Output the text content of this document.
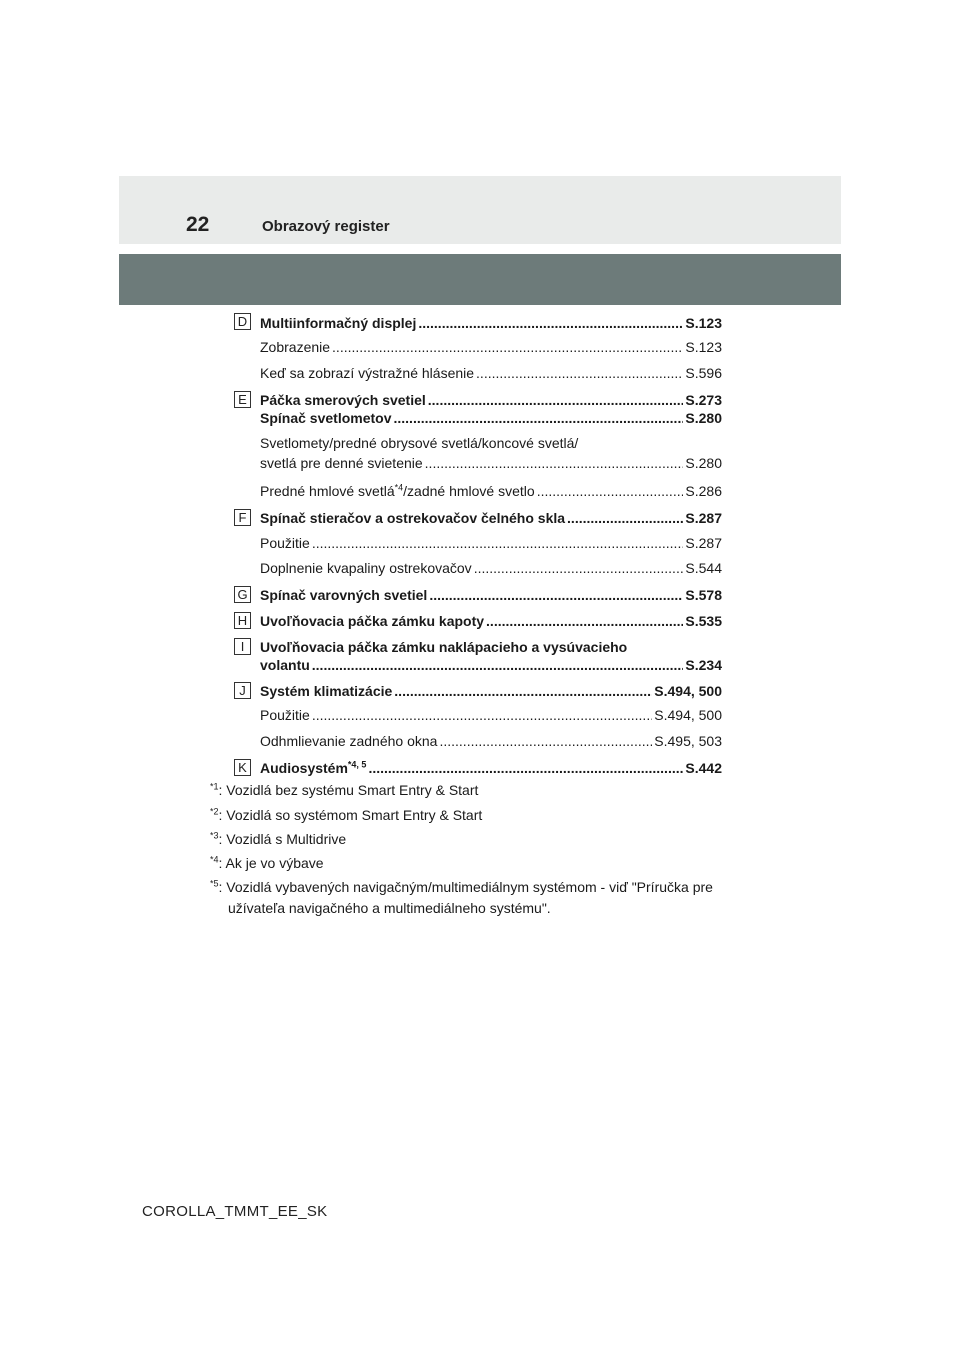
22	Obrazový register
D Multiinformačný displej .....	S.123
Zobrazenie .....	S.123
Keď sa zobrazí výstražné hlásenie .....	S.596
E Páčka smerových svetiel .....	S.273
Spínač svetlometov .....	S.280
Svetlomety/predné obrysové svetlá/koncové svetlá/
svetlá pre denné svietenie .....	S.280
Predné hmlové svetlá$^{*4}$/zadné hmlové svetlo .....	S.286
F Spínač stieračov a ostrekovačov čelného skla .....	S.287
Použitie .....	S.287
Doplnenie kvapaliny ostrekovačov .....	S.544
G Spínač varovných svetiel .....	S.578
H Uvoľňovacia páčka zámku kapoty .....	S.535
I	Uvoľňovacia páčka zámku naklápacieho a vysúvacieho
volantu .....	S.234
J	Systém klimatizácie .....	S.494, 500
Použitie .....	S.494, 500
Odhmlievanie zadného okna .....	S.495, 503
K Audiosystém$^{*4, 5}$ .....	S.442
$^{*1}$: Vozidlá bez systému Smart Entry & Start
$^{*2}$: Vozidlá so systémom Smart Entry & Start
$^{*3}$: Vozidlá s Multidrive
$^{*4}$: Ak je vo výbave
$^{*5}$: Vozidlá vybavených navigačným/multimediálnym systémom - viď "Príručka pre
užívateľa navigačného a multimediálneho systému".
COROLLA_TMMT_EE_SK
